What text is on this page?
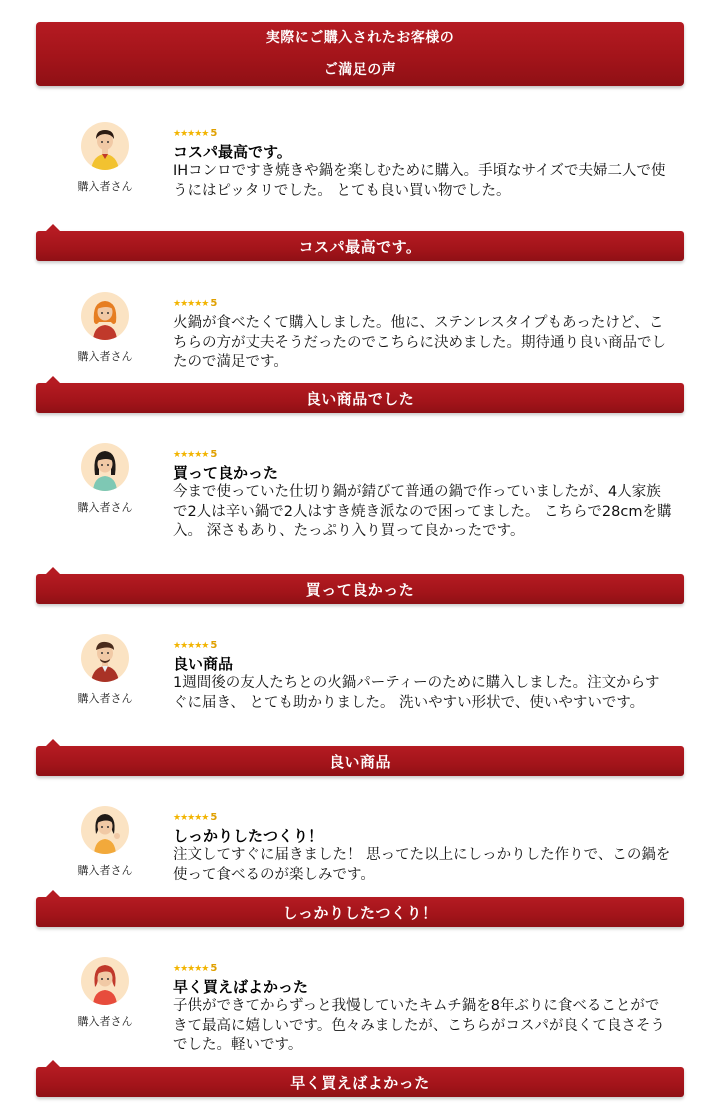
実際にご購入されたお客様の
ご満足の声
購入者さん
★★★★★ 5
コスパ最高です。
IHコンロですき焼きや鍋を楽しむために購入。手頃なサイズで夫婦二人で使うにはピッタリでした。 とても良い買い物でした。
コスパ最高です。
購入者さん
★★★★★ 5
火鍋が食べたくて購入しました。他に、ステンレスタイプもあったけど、こちらの方が丈夫そうだったのでこちらに決めました。期待通り良い商品でしたので満足です。
良い商品でした
購入者さん
★★★★★ 5
買って良かった
今まで使っていた仕切り鍋が錆びて普通の鍋で作っていましたが、4人家族で2人は辛い鍋で2人はすき焼き派なので困ってました。 こちらで28cmを購入。 深さもあり、たっぷり入り買って良かったです。
買って良かった
購入者さん
★★★★★ 5
良い商品
1週間後の友人たちとの火鍋パーティーのために購入しました。注文からすぐに届き、 とても助かりました。 洗いやすい形状で、使いやすいです。
良い商品
購入者さん
★★★★★ 5
しっかりしたつくり！
注文してすぐに届きました！ 思ってた以上にしっかりした作りで、この鍋を使って食べるのが楽しみです。
しっかりしたつくり！
購入者さん
★★★★★ 5
早く買えばよかった
子供ができてからずっと我慢していたキムチ鍋を8年ぶりに食べることができて最高に嬉しいです。色々みましたが、こちらがコスパが良くて良さそうでした。軽いです。
早く買えばよかった
